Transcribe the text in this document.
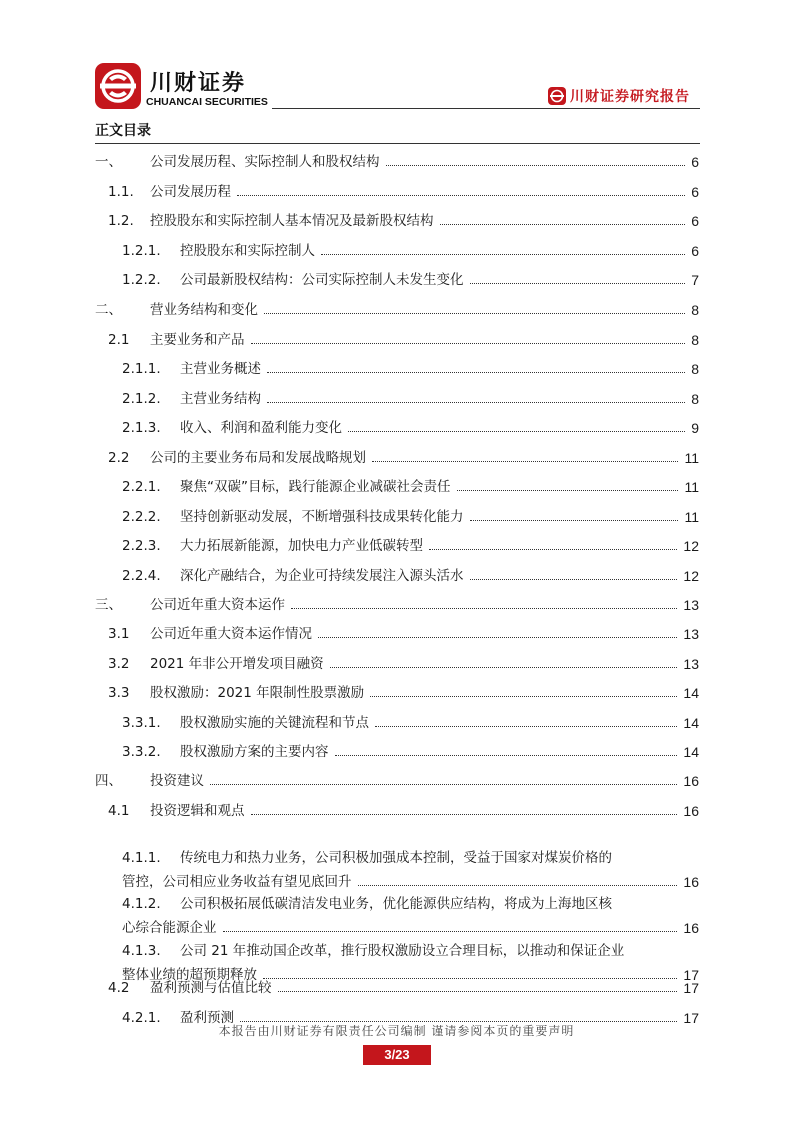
川财证券
CHUANCAI SECURITIES	川财证券研究报告
正文目录
一、	公司发展历程、实际控制人和股权结构	6
1.1.	公司发展历程	6
1.2.	控股股东和实际控制人基本情况及最新股权结构	6
1.2.1.	控股股东和实际控制人	6
1.2.2.	公司最新股权结构：公司实际控制人未发生变化	7
二、	营业务结构和变化	8
2.1	主要业务和产品	8
2.1.1.	主营业务概述	8
2.1.2.	主营业务结构	8
2.1.3.	收入、利润和盈利能力变化	9
2.2	公司的主要业务布局和发展战略规划	11
2.2.1.	聚焦“双碳”目标，践行能源企业减碳社会责任	11
2.2.2.	坚持创新驱动发展，不断增强科技成果转化能力	11
2.2.3.	大力拓展新能源，加快电力产业低碳转型	12
2.2.4.	深化产融结合，为企业可持续发展注入源头活水	12
三、	公司近年重大资本运作	13
3.1	公司近年重大资本运作情况	13
3.2	2021 年非公开增发项目融资	13
3.3	股权激励：2021 年限制性股票激励	14
3.3.1.	股权激励实施的关键流程和节点	14
3.3.2.	股权激励方案的主要内容	14
四、	投资建议	16
4.1	投资逻辑和观点	16
4.1.1.	传统电力和热力业务，公司积极加强成本控制，受益于国家对煤炭价格的
管控，公司相应业务收益有望见底回升	16
4.1.2.	公司积极拓展低碳清洁发电业务，优化能源供应结构，将成为上海地区核
心综合能源企业	16
4.1.3.	公司 21 年推动国企改革，推行股权激励设立合理目标，以推动和保证企业
整体业绩的超预期释放	17
4.2	盈利预测与估值比较	17
4.2.1.	盈利预测	17
本报告由川财证券有限责任公司编制 谨请参阅本页的重要声明
3/23
